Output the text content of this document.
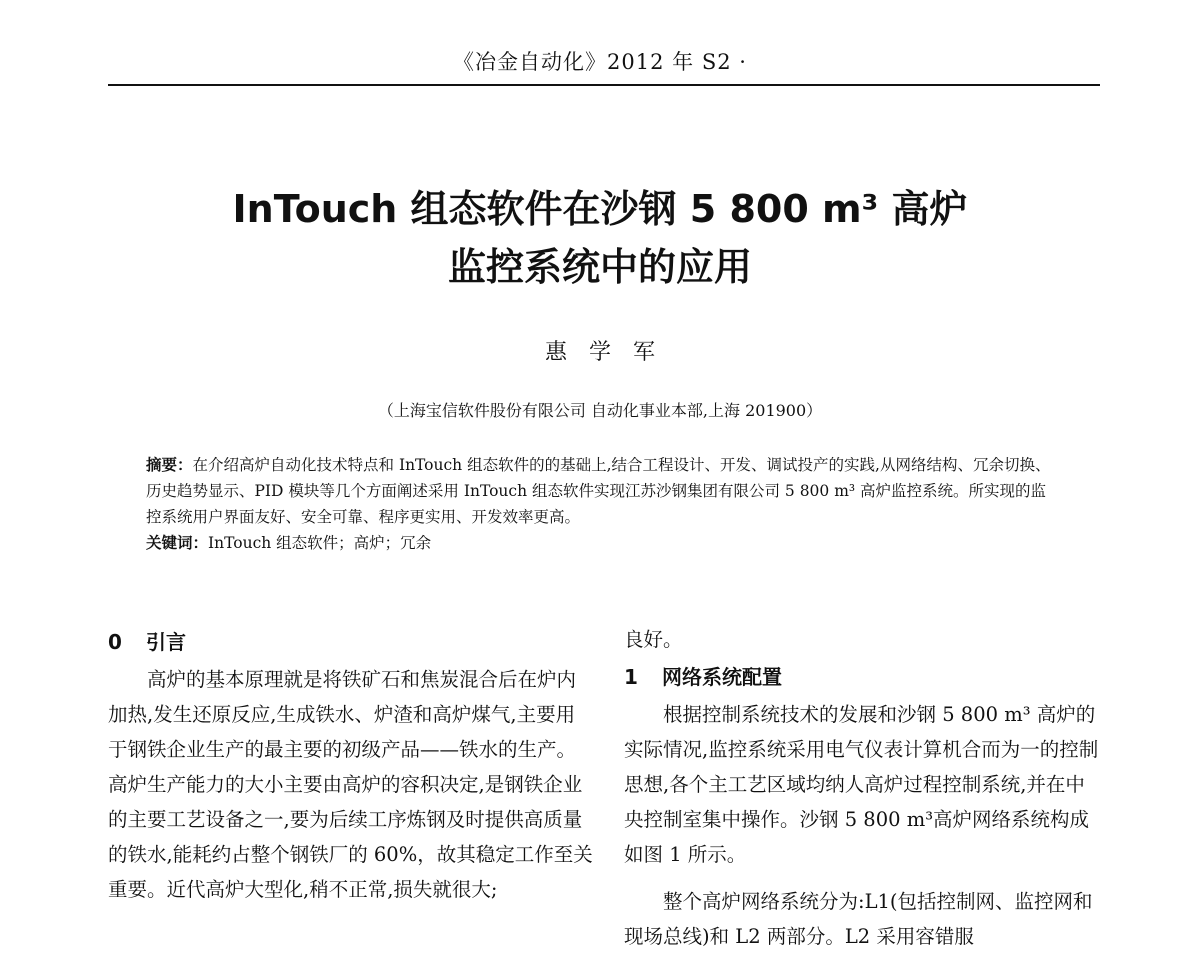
《冶金自动化》2012 年 S2 ·
InTouch 组态软件在沙钢 5 800 m³ 高炉
监控系统中的应用
惠学军
（上海宝信软件股份有限公司 自动化事业本部,上海 201900）

摘要：在介绍高炉自动化技术特点和 InTouch 组态软件的的基础上,结合工程设计、开发、调试投产的实践,从网络结构、冗余切换、历史趋势显示、PID 模块等几个方面阐述采用 InTouch 组态软件实现江苏沙钢集团有限公司 5 800 m³ 高炉监控系统。所实现的监控系统用户界面友好、安全可靠、程序更实用、开发效率更高。

关键词：InTouch 组态软件；高炉；冗余

0 引言

高炉的基本原理就是将铁矿石和焦炭混合后在炉内加热,发生还原反应,生成铁水、炉渣和高炉煤气,主要用于钢铁企业生产的最主要的初级产品——铁水的生产。高炉生产能力的大小主要由高炉的容积决定,是钢铁企业的主要工艺设备之一,要为后续工序炼钢及时提供高质量的铁水,能耗约占整个钢铁厂的 60%，故其稳定工作至关重要。近代高炉大型化,稍不正常,损失就很大;

良好。

1 网络系统配置

根据控制系统技术的发展和沙钢 5 800 m³ 高炉的实际情况,监控系统采用电气仪表计算机合而为一的控制思想,各个主工艺区域均纳人高炉过程控制系统,并在中央控制室集中操作。沙钢 5 800 m³高炉网络系统构成如图 1 所示。

整个高炉网络系统分为:L1(包括控制网、监控网和现场总线)和 L2 两部分。L2 采用容错服
